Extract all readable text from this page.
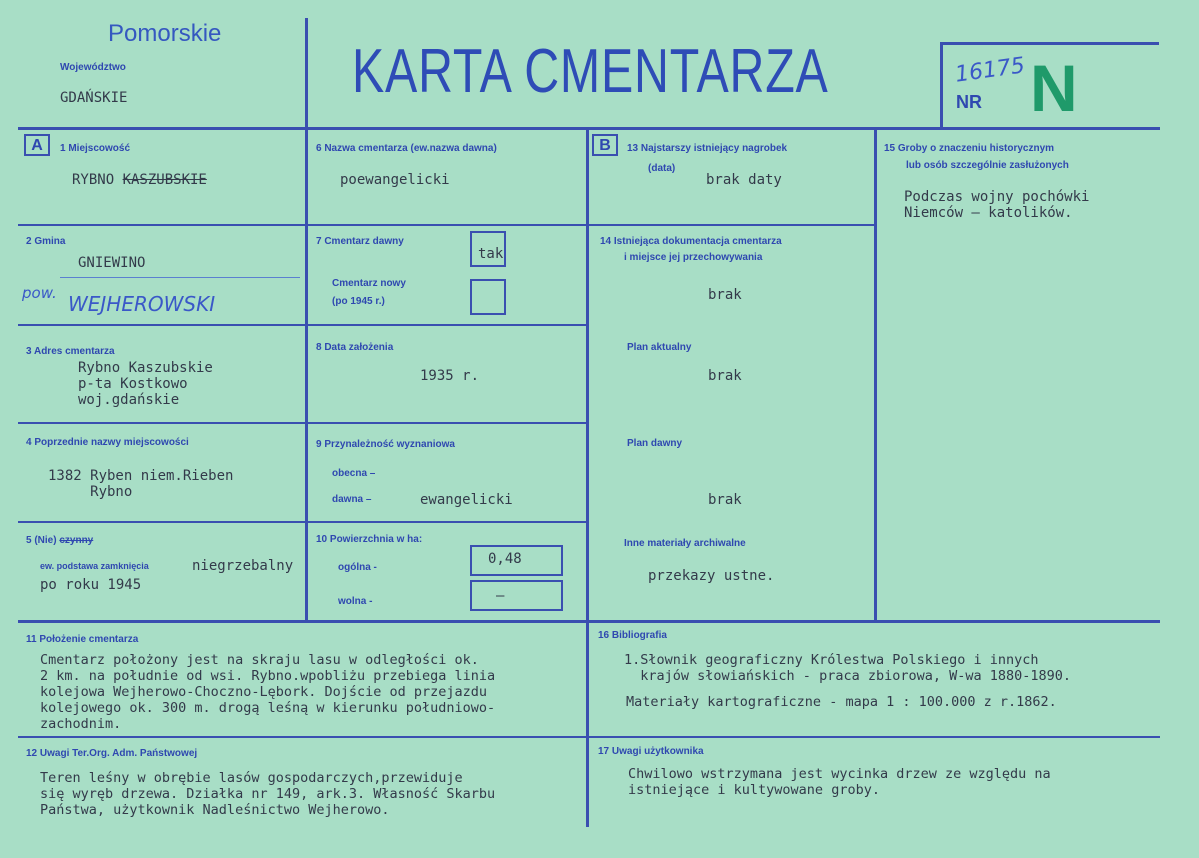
Pomorskie
Województwo
GDAŃSKIE	KARTA CMENTARZA	NR
16175 N
A	B
1 Miejscowość
RYBNO KASZUBSKIE
2 Gmina
GNIEWINO
pow. WEJHEROWSKI
3 Adres cmentarza
Rybno Kaszubskie
p-ta Kostkowo
woj.gdańskie
4 Poprzednie nazwy miejscowości
1382 Ryben niem.Rieben
Rybno
5 (Nie) czynny
ew. podstawa zamknięcia	niegrzebalny
po roku 1945
6 Nazwa cmentarza (ew.nazwa dawna)
poewangelicki
7 Cmentarz dawny
tak
Cmentarz nowy
(po 1945 r.)
8 Data założenia
1935 r.
9 Przynależność wyznaniowa
obecna –
dawna –	ewangelicki
10 Powierzchnia w ha:
ogólna -
0,48
wolna -	–
11 Położenie cmentarza
Cmentarz położony jest na skraju lasu w odległości ok.
2 km. na południe od wsi. Rybno.wpobliżu przebiega linia
kolejowa Wejherowo-Choczno-Lębork. Dojście od przejazdu
kolejowego ok. 300 m. drogą leśną w kierunku południowo-
zachodnim.
12 Uwagi Ter.Org. Adm. Państwowej
Teren leśny w obrębie lasów gospodarczych,przewiduje
się wyręb drzewa. Działka nr 149, ark.3. Własność Skarbu
Państwa, użytkownik Nadleśnictwo Wejherowo.
13 Najstarszy istniejący nagrobek
(data)
brak daty
14 Istniejąca dokumentacja cmentarza
i miejsce jej przechowywania
brak
Plan aktualny
brak
Plan dawny
brak
Inne materiały archiwalne
przekazy ustne.
15 Groby o znaczeniu historycznym
lub osób szczególnie zasłużonych
Podczas wojny pochówki
Niemców – katolików.
16 Bibliografia
1.Słownik geograficzny Królestwa Polskiego i innych
krajów słowiańskich - praca zbiorowa, W-wa 1880-1890.
Materiały kartograficzne - mapa 1 : 100.000 z r.1862.
17 Uwagi użytkownika
Chwilowo wstrzymana jest wycinka drzew ze względu na
istniejące i kultywowane groby.
